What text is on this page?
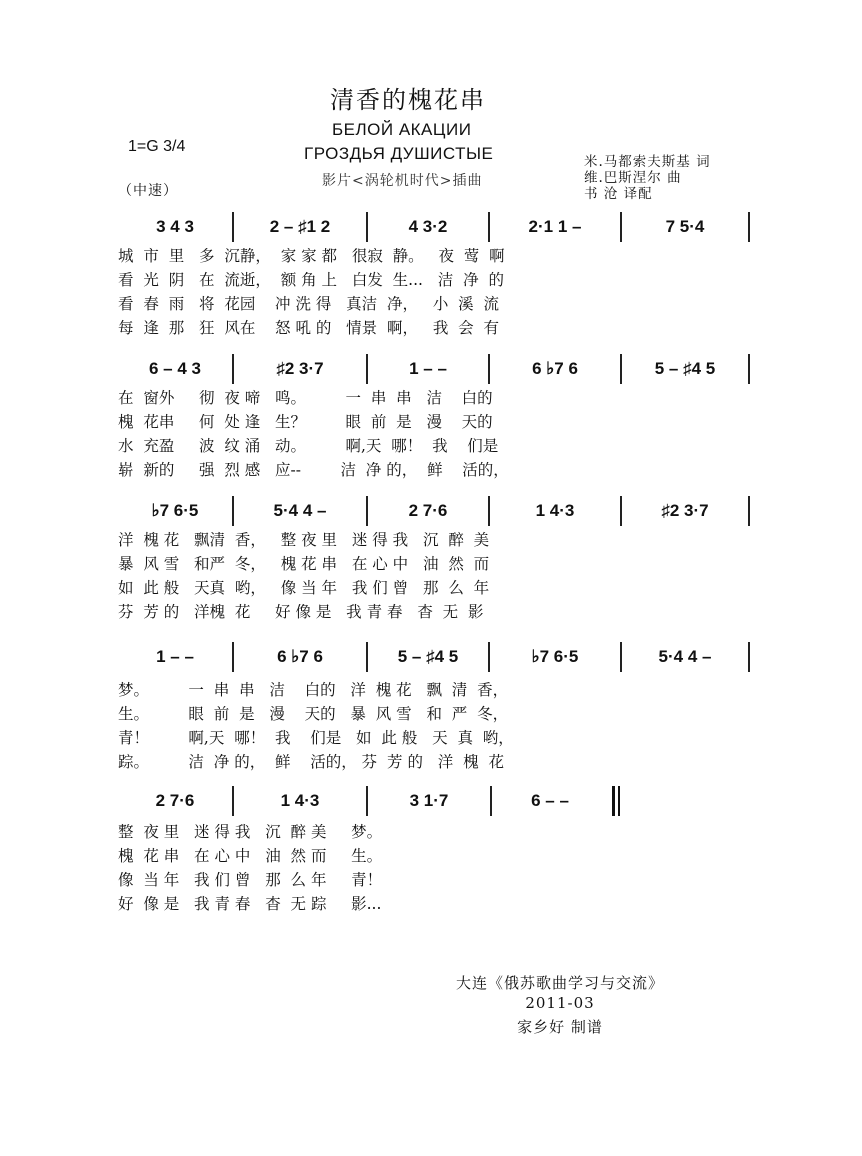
清香的槐花串
БЕЛОЙ АКАЦИИ
ГРОЗДЬЯ ДУШИСТЫЕ
影片<涡轮机时代>插曲
1=G 3/4
（中速）
米.马都索夫斯基 词
维.巴斯涅尔 曲
书 沧 译配
3 4 3	2 – ♯1 2	4 3·2	2·1 1 –	7 5·4
城  市  里   多  沉静，  家 家 都   很寂  静。   夜  莺  啊
看  光  阴   在  流逝，  额 角 上   白发  生...   洁  净  的
看  春  雨   将  花园    冲 洗 得   真洁  净，   小  溪  流
每  逢  那   狂  风在    怒 吼 的   情景  啊，   我  会  有
6 – 4 3	♯2 3·7	1 – –	6 ♭7 6	5 – ♯4 5
在  窗外     彻  夜 啼   鸣。        一  串  串   洁    白的
槐  花串     何  处 逢   生？        眼  前  是   漫    天的
水  充盈     波  纹 涌   动。        啊,天  哪！  我    们是
崭  新的     强  烈 感   应--        洁  净 的，  鲜    活的，
♭7 6·5	5·4 4 –	2 7·6	1 4·3	♯2 3·7
洋  槐 花   飘清  香，   整 夜 里   迷 得 我   沉  醉  美
暴  风 雪   和严  冬，   槐 花 串   在 心 中   油  然  而
如  此 般   天真  哟，   像 当 年   我 们 曾   那  么  年
芬  芳 的   洋槐  花     好 像 是   我 青 春   杳  无  影
1 – –	6 ♭7 6	5 – ♯4 5	♭7 6·5	5·4 4 –
梦。        一  串  串   洁    白的   洋  槐 花   飘  清  香，
生。        眼  前  是   漫    天的   暴  风 雪   和  严  冬，
青！        啊,天  哪！  我    们是   如  此 般   天  真  哟，
踪。        洁  净 的，  鲜    活的， 芬  芳 的   洋  槐  花
2 7·6	1 4·3	3 1·7	6 – –
整  夜 里   迷 得 我   沉  醉 美     梦。
槐  花 串   在 心 中   油  然 而     生。
像  当 年   我 们 曾   那  么 年     青！
好  像 是   我 青 春   杳  无 踪     影...
大连《俄苏歌曲学习与交流》
2011-03
家乡好 制谱
